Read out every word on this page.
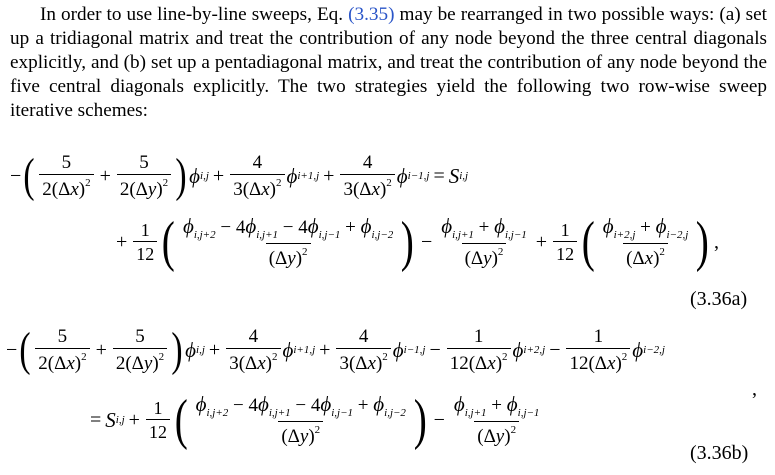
In order to use line-by-line sweeps, Eq. (3.35) may be rearranged in two possible ways: (a) set up a tridiagonal matrix and treat the contribution of any node beyond the three central diagonals explicitly, and (b) set up a pentadiagonal matrix, and treat the contribution of any node beyond the five central diagonals explicitly. The two strategies yield the following two row-wise sweep iterative schemes:
− ( $\frac{5}{2(\Delta x)^2} + \frac{5}{2(\Delta y)^2}$ ) ϕ $i,j + \frac{4}{3(\Delta x)^2}$ ϕ $i+1,j + \frac{4}{3(\Delta x)^2}$ ϕ i−1,j = S i,j
+ $\frac{1}{12}$ ( $\frac{\phi_{i,j+2} - 4\phi_{i,j+1} - 4\phi_{i,j-1} + \phi_{i,j-2}}{(\Delta y)^2}$ ) − $\frac{\phi_{i,j+1} + \phi_{i,j-1}}{(\Delta y)^2} + \frac{1}{12}$ ( $\frac{\phi_{i+2,j} + \phi_{i-2,j}}{(\Delta x)^2}$ ) ,
(3.36a)
− ( $\frac{5}{2(\Delta x)^2} + \frac{5}{2(\Delta y)^2}$ ) ϕ $i,j + \frac{4}{3(\Delta x)^2}$ ϕ $i+1,j + \frac{4}{3(\Delta x)^2}$ ϕ $i-1,j - \frac{1}{12(\Delta x)^2}$ ϕ $i+2,j - \frac{1}{12(\Delta x)^2}$ ϕ i−2,j
,
= S $i,j + \frac{1}{12}$ ( $\frac{\phi_{i,j+2} - 4\phi_{i,j+1} - 4\phi_{i,j-1} + \phi_{i,j-2}}{(\Delta y)^2}$ ) − $\frac{\phi_{i,j+1} + \phi_{i,j-1}}{(\Delta y)^2}$
(3.36b)
